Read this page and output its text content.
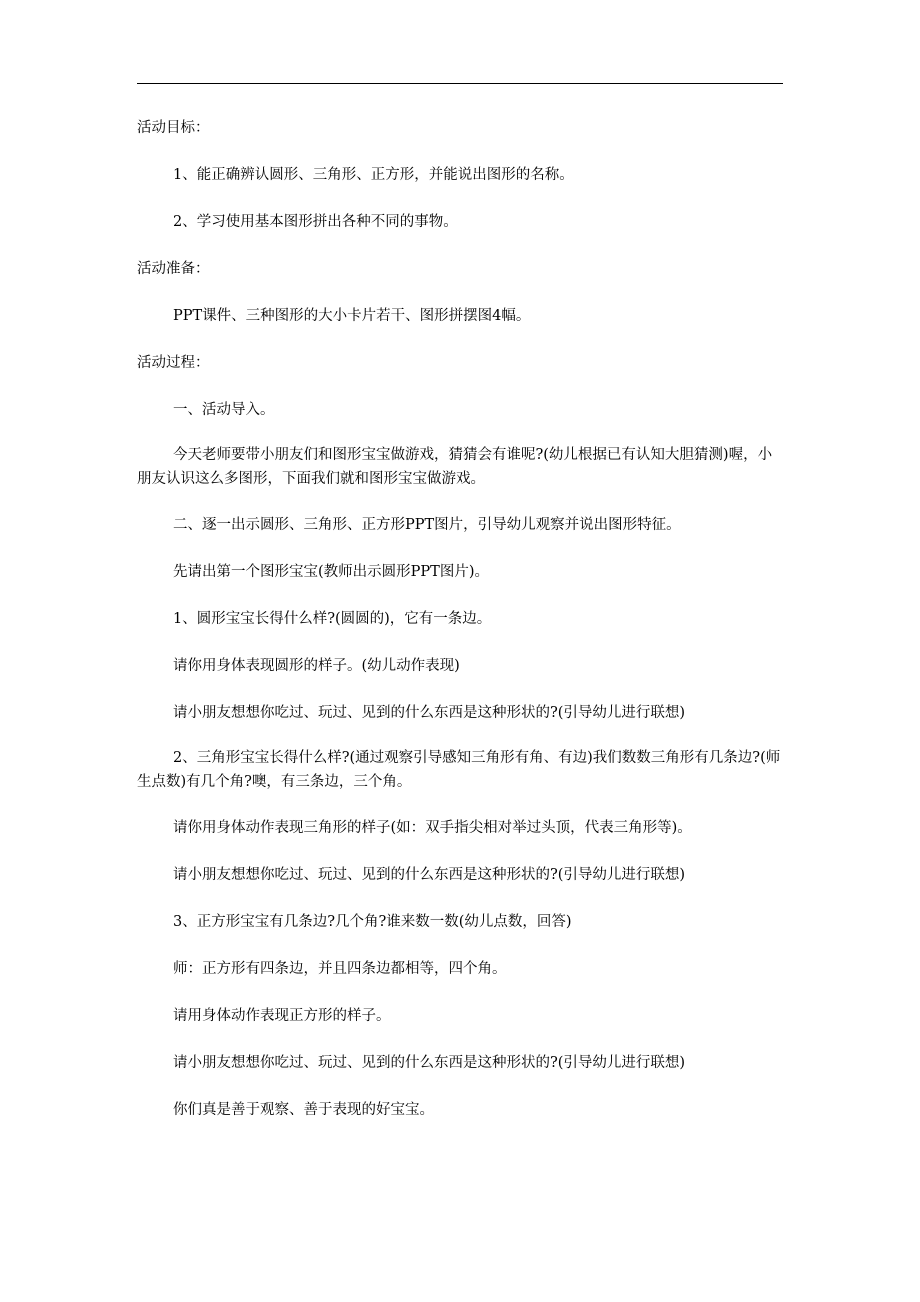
活动目标：

1、能正确辨认圆形、三角形、正方形，并能说出图形的名称。

2、学习使用基本图形拼出各种不同的事物。

活动准备：

PPT课件、三种图形的大小卡片若干、图形拼摆图4幅。

活动过程：

一、活动导入。

今天老师要带小朋友们和图形宝宝做游戏，猜猜会有谁呢?(幼儿根据已有认知大胆猜测)喔，小朋友认识这么多图形，下面我们就和图形宝宝做游戏。

二、逐一出示圆形、三角形、正方形PPT图片，引导幼儿观察并说出图形特征。

先请出第一个图形宝宝(教师出示圆形PPT图片)。

1、圆形宝宝长得什么样?(圆圆的)，它有一条边。

请你用身体表现圆形的样子。(幼儿动作表现)

请小朋友想想你吃过、玩过、见到的什么东西是这种形状的?(引导幼儿进行联想)

2、三角形宝宝长得什么样?(通过观察引导感知三角形有角、有边)我们数数三角形有几条边?(师生点数)有几个角?噢，有三条边，三个角。

请你用身体动作表现三角形的样子(如：双手指尖相对举过头顶，代表三角形等)。

请小朋友想想你吃过、玩过、见到的什么东西是这种形状的?(引导幼儿进行联想)

3、正方形宝宝有几条边?几个角?谁来数一数(幼儿点数，回答)

师：正方形有四条边，并且四条边都相等，四个角。

请用身体动作表现正方形的样子。

请小朋友想想你吃过、玩过、见到的什么东西是这种形状的?(引导幼儿进行联想)

你们真是善于观察、善于表现的好宝宝。
